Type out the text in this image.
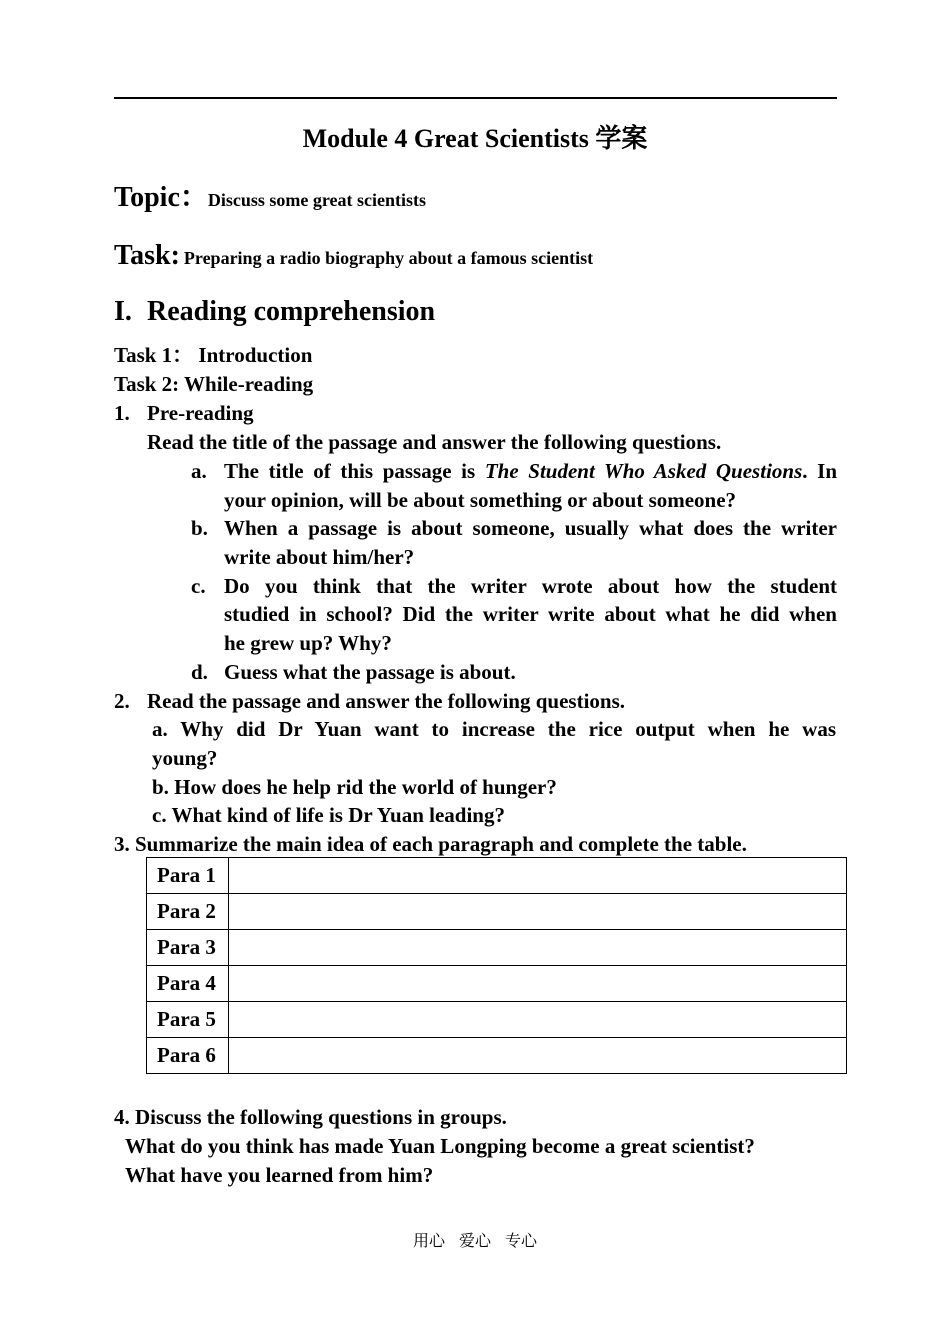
Module 4 Great Scientists 学案
Topic：Discuss some great scientists
Task: Preparing a radio biography about a famous scientist
I. Reading comprehension
Task 1： Introduction
Task 2: While-reading
1. Pre-reading
Read the title of the passage and answer the following questions.
a. The title of this passage is The Student Who Asked Questions. In
your opinion, will be about something or about someone?
b. When a passage is about someone, usually what does the writer
write about him/her?
c. Do you think that the writer wrote about how the student
studied in school? Did the writer write about what he did when
he grew up? Why?
d. Guess what the passage is about.
2. Read the passage and answer the following questions.
a. Why did Dr Yuan want to increase the rice output when he was
young?
b. How does he help rid the world of hunger?
c. What kind of life is Dr Yuan leading?
3. Summarize the main idea of each paragraph and complete the table.
Para 1	
Para 2	
Para 3	
Para 4	
Para 5	
Para 6	
4. Discuss the following questions in groups.
What do you think has made Yuan Longping become a great scientist?
What have you learned from him?
用心 爱心 专心
